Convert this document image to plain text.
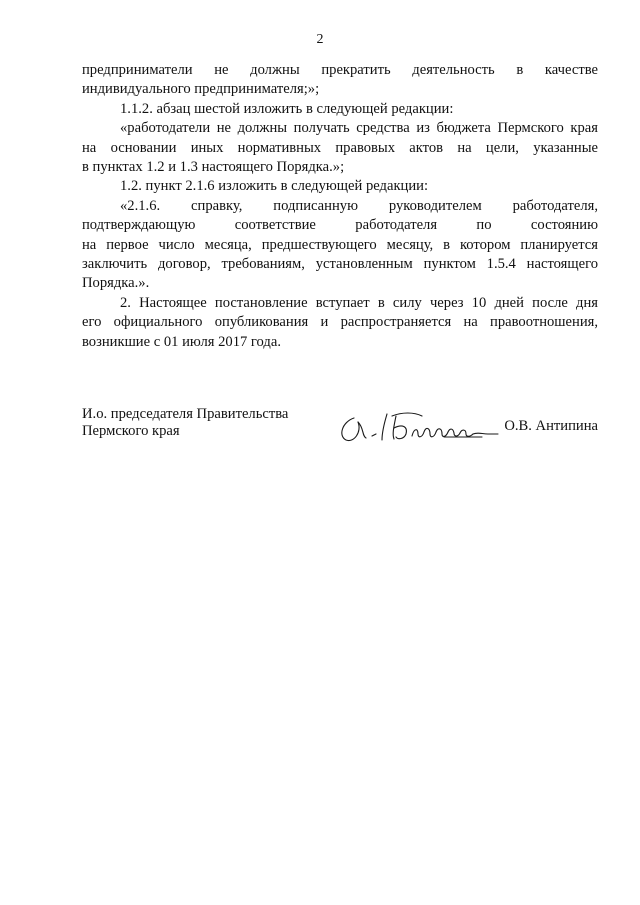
2
предприниматели не должны прекратить деятельность в качестве
индивидуального предпринимателя;»;
1.1.2. абзац шестой изложить в следующей редакции:
«работодатели не должны получать средства из бюджета Пермского края
на основании иных нормативных правовых актов на цели, указанные
в пунктах 1.2 и 1.3 настоящего Порядка.»;
1.2. пункт 2.1.6 изложить в следующей редакции:
«2.1.6. справку, подписанную руководителем работодателя,
подтверждающую соответствие работодателя по состоянию
на первое число месяца, предшествующего месяцу, в котором планируется
заключить договор, требованиям, установленным пунктом 1.5.4 настоящего
Порядка.».
2. Настоящее постановление вступает в силу через 10 дней после дня
его официального опубликования и распространяется на правоотношения,
возникшие с 01 июля 2017 года.
И.о. председателя Правительства
Пермского края	О.В. Антипина
